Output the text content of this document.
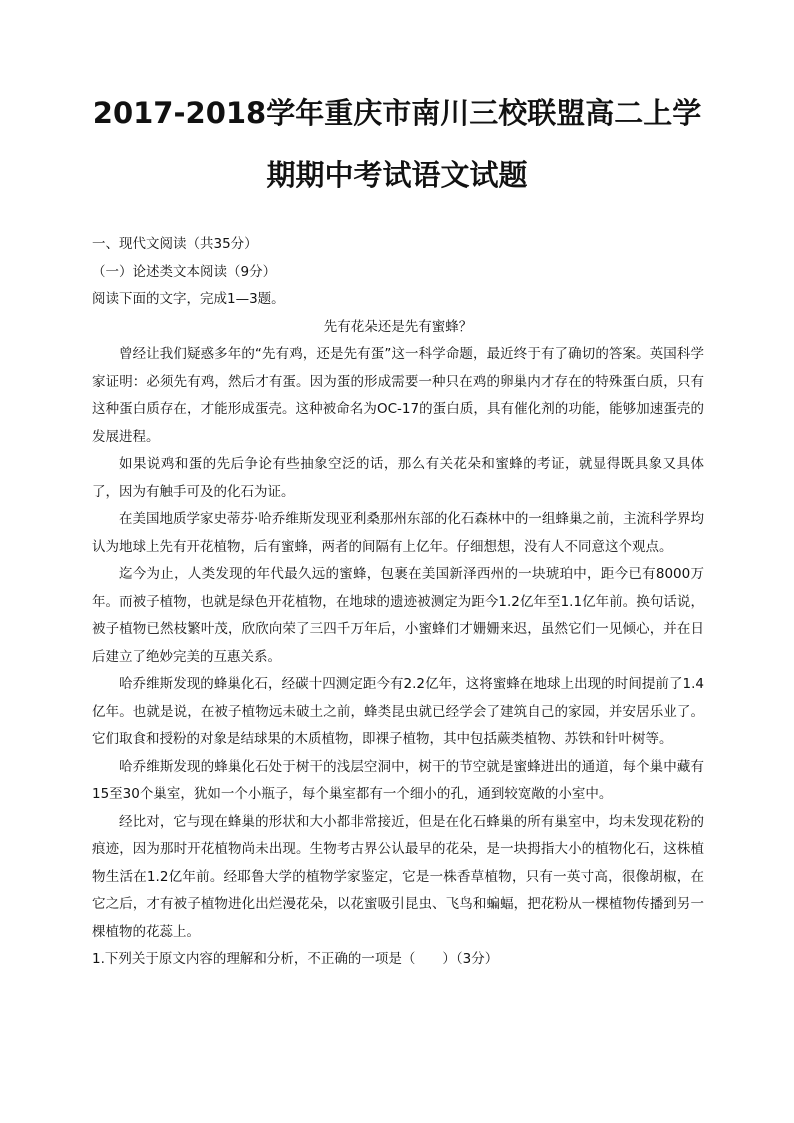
2017-2018学年重庆市南川三校联盟高二上学
期期中考试语文试题

一、现代文阅读（共35分）

（一）论述类文本阅读（9分）

阅读下面的文字，完成1—3题。

先有花朵还是先有蜜蜂？

曾经让我们疑惑多年的“先有鸡，还是先有蛋”这一科学命题，最近终于有了确切的答案。英国科学家证明：必须先有鸡，然后才有蛋。因为蛋的形成需要一种只在鸡的卵巢内才存在的特殊蛋白质，只有这种蛋白质存在，才能形成蛋壳。这种被命名为OC-17的蛋白质，具有催化剂的功能，能够加速蛋壳的发展进程。

如果说鸡和蛋的先后争论有些抽象空泛的话，那么有关花朵和蜜蜂的考证，就显得既具象又具体了，因为有触手可及的化石为证。

在美国地质学家史蒂芬·哈乔维斯发现亚利桑那州东部的化石森林中的一组蜂巢之前，主流科学界均认为地球上先有开花植物，后有蜜蜂，两者的间隔有上亿年。仔细想想，没有人不同意这个观点。

迄今为止，人类发现的年代最久远的蜜蜂，包裹在美国新泽西州的一块琥珀中，距今已有8000万年。而被子植物，也就是绿色开花植物，在地球的遗迹被测定为距今1.2亿年至1.1亿年前。换句话说，被子植物已然枝繁叶茂，欣欣向荣了三四千万年后，小蜜蜂们才姗姗来迟，虽然它们一见倾心，并在日后建立了绝妙完美的互惠关系。

哈乔维斯发现的蜂巢化石，经碳十四测定距今有2.2亿年，这将蜜蜂在地球上出现的时间提前了1.4亿年。也就是说，在被子植物远未破土之前，蜂类昆虫就已经学会了建筑自己的家园，并安居乐业了。它们取食和授粉的对象是结球果的木质植物，即裸子植物，其中包括蕨类植物、苏铁和针叶树等。

哈乔维斯发现的蜂巢化石处于树干的浅层空洞中，树干的节空就是蜜蜂进出的通道，每个巢中藏有15至30个巢室，犹如一个小瓶子，每个巢室都有一个细小的孔，通到较宽敞的小室中。

经比对，它与现在蜂巢的形状和大小都非常接近，但是在化石蜂巢的所有巢室中，均未发现花粉的痕迹，因为那时开花植物尚未出现。生物考古界公认最早的花朵，是一块拇指大小的植物化石，这株植物生活在1.2亿年前。经耶鲁大学的植物学家鉴定，它是一株香草植物，只有一英寸高，很像胡椒，在它之后，才有被子植物进化出烂漫花朵，以花蜜吸引昆虫、飞鸟和蝙蝠，把花粉从一棵植物传播到另一棵植物的花蕊上。

1.下列关于原文内容的理解和分析，不正确的一项是（　　）（3分）
